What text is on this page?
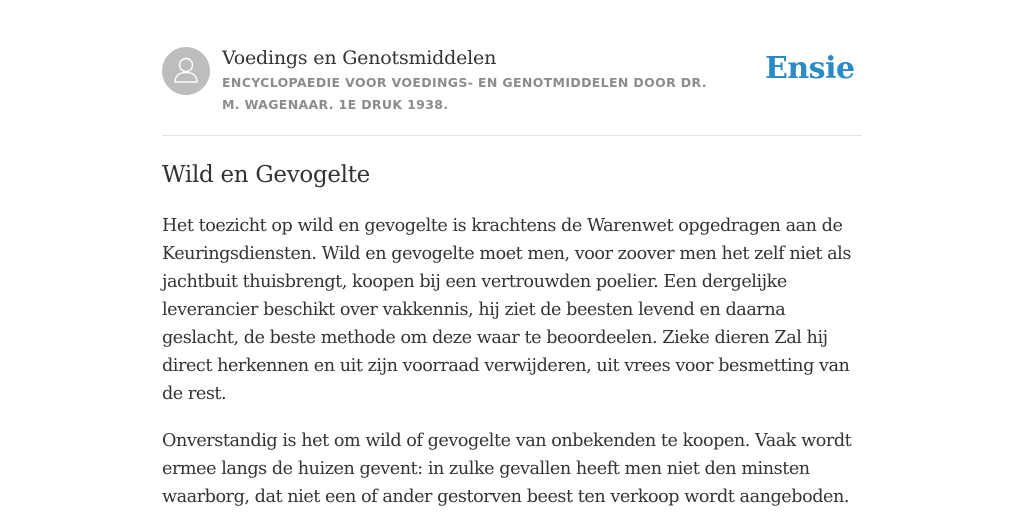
Voedings en Genotsmiddelen
ENCYCLOPAEDIE VOOR VOEDINGS- EN GENOTMIDDELEN DOOR DR. M. WAGENAAR. 1E DRUK 1938.
Ensie
Wild en Gevogelte

Het toezicht op wild en gevogelte is krachtens de Warenwet opgedragen aan de Keuringsdiensten. Wild en gevogelte moet men, voor zoover men het zelf niet als jachtbuit thuisbrengt, koopen bij een vertrouwden poelier. Een dergelijke leverancier beschikt over vakkennis, hij ziet de beesten levend en daarna geslacht, de beste methode om deze waar te beoordeelen. Zieke dieren Zal hij direct herkennen en uit zijn voorraad verwijderen, uit vrees voor besmetting van de rest.

Onverstandig is het om wild of gevogelte van onbekenden te koopen. Vaak wordt ermee langs de huizen gevent: in zulke gevallen heeft men niet den minsten waarborg, dat niet een of ander gestorven beest ten verkoop wordt aangeboden.
